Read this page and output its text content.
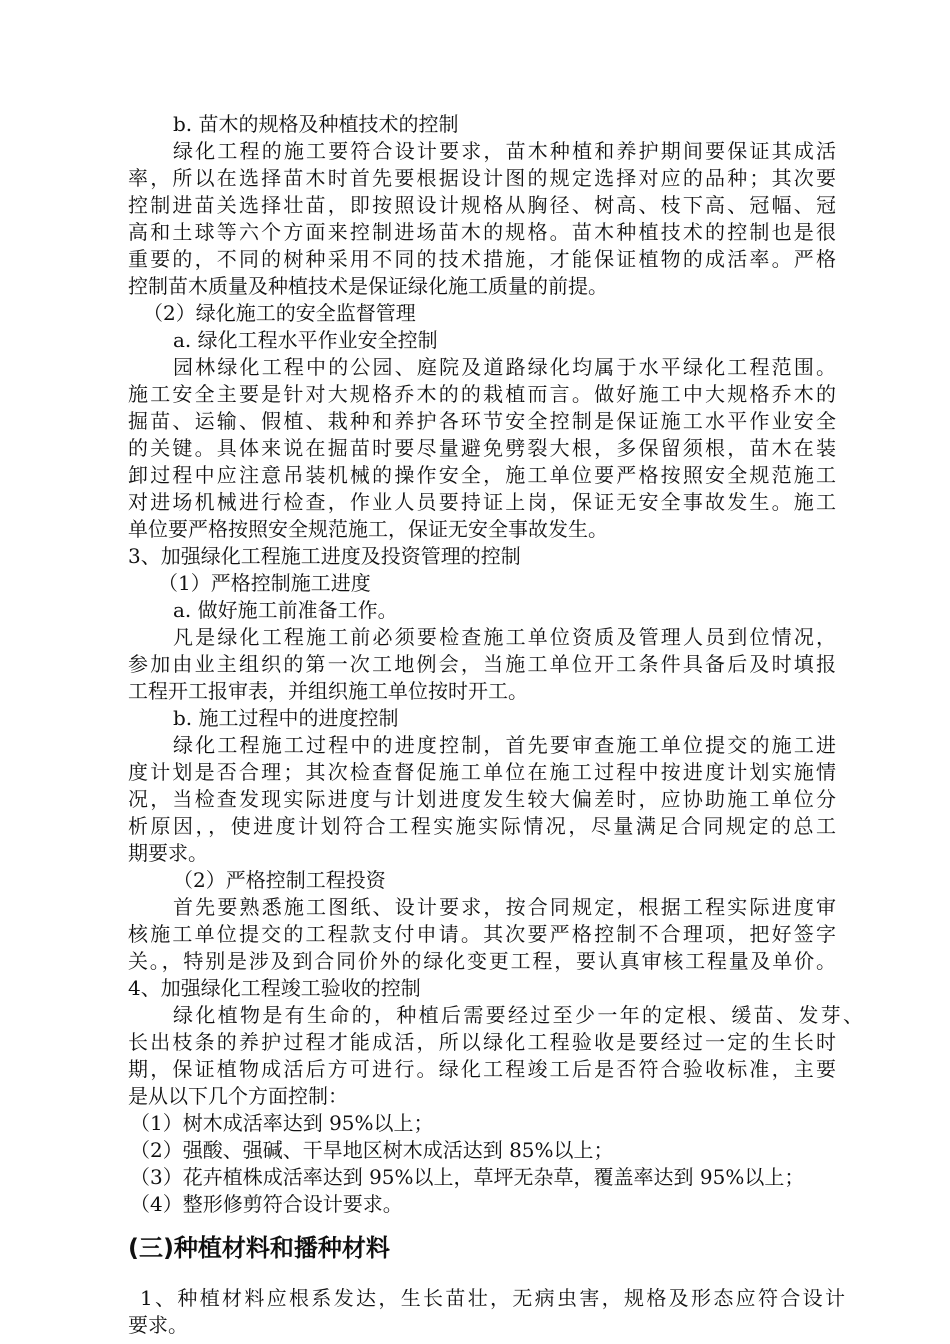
b. 苗木的规格及种植技术的控制
绿化工程的施工要符合设计要求，苗木种植和养护期间要保证其成活
率，所以在选择苗木时首先要根据设计图的规定选择对应的品种；其次要
控制进苗关选择壮苗，即按照设计规格从胸径、树高、枝下高、冠幅、冠
高和土球等六个方面来控制进场苗木的规格。苗木种植技术的控制也是很
重要的，不同的树种采用不同的技术措施，才能保证植物的成活率。严格
控制苗木质量及种植技术是保证绿化施工质量的前提。
（2）绿化施工的安全监督管理
a. 绿化工程水平作业安全控制
园林绿化工程中的公园、庭院及道路绿化均属于水平绿化工程范围。
施工安全主要是针对大规格乔木的的栽植而言。做好施工中大规格乔木的
掘苗、运输、假植、栽种和养护各环节安全控制是保证施工水平作业安全
的关键。具体来说在掘苗时要尽量避免劈裂大根，多保留须根，苗木在装
卸过程中应注意吊装机械的操作安全，施工单位要严格按照安全规范施工
对进场机械进行检查，作业人员要持证上岗，保证无安全事故发生。施工
单位要严格按照安全规范施工，保证无安全事故发生。
3、加强绿化工程施工进度及投资管理的控制
（1）严格控制施工进度
a. 做好施工前准备工作。
凡是绿化工程施工前必须要检查施工单位资质及管理人员到位情况，
参加由业主组织的第一次工地例会，当施工单位开工条件具备后及时填报
工程开工报审表，并组织施工单位按时开工。
b. 施工过程中的进度控制
绿化工程施工过程中的进度控制，首先要审查施工单位提交的施工进
度计划是否合理；其次检查督促施工单位在施工过程中按进度计划实施情
况，当检查发现实际进度与计划进度发生较大偏差时，应协助施工单位分
析原因，，使进度计划符合工程实施实际情况，尽量满足合同规定的总工
期要求。
（2）严格控制工程投资
首先要熟悉施工图纸、设计要求，按合同规定，根据工程实际进度审
核施工单位提交的工程款支付申请。其次要严格控制不合理项，把好签字
关。，特别是涉及到合同价外的绿化变更工程，要认真审核工程量及单价。
4、加强绿化工程竣工验收的控制
绿化植物是有生命的，种植后需要经过至少一年的定根、缓苗、发芽、
长出枝条的养护过程才能成活，所以绿化工程验收是要经过一定的生长时
期，保证植物成活后方可进行。绿化工程竣工后是否符合验收标准，主要
是从以下几个方面控制：
（1）树木成活率达到 95%以上；
（2）强酸、强碱、干旱地区树木成活达到 85%以上；
（3）花卉植株成活率达到 95%以上，草坪无杂草，覆盖率达到 95%以上；
（4）整形修剪符合设计要求。
(三)种植材料和播种材料
1、种植材料应根系发达，生长苗壮，无病虫害，规格及形态应符合设计
要求。
